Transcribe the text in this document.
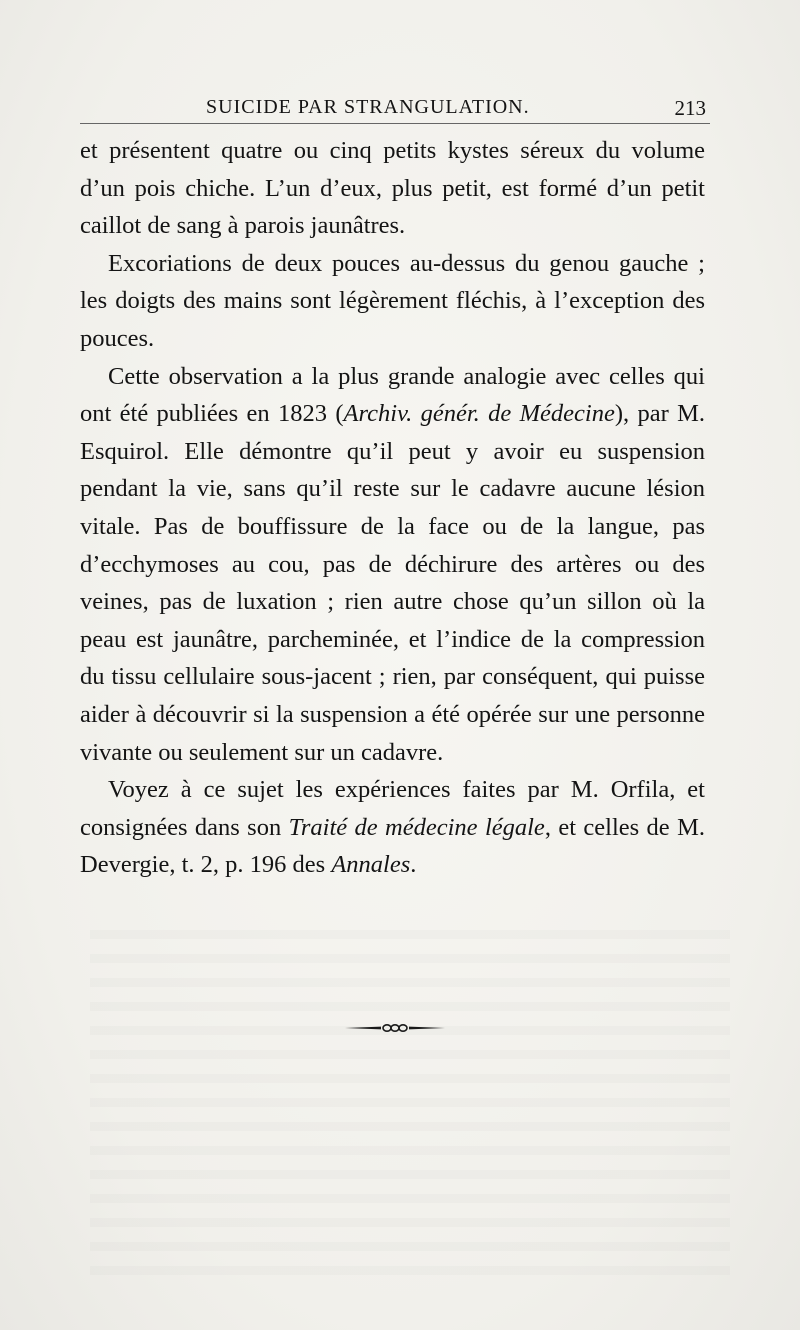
SUICIDE PAR STRANGULATION.	213

et présentent quatre ou cinq petits kystes séreux du volume d’un pois chiche. L’un d’eux, plus petit, est formé d’un petit caillot de sang à parois jaunâtres.

Excoriations de deux pouces au-dessus du genou gauche ; les doigts des mains sont légèrement fléchis, à l’exception des pouces.

Cette observation a la plus grande analogie avec celles qui ont été publiées en 1823 (Archiv. génér. de Médecine), par M. Esquirol. Elle démontre qu’il peut y avoir eu suspension pendant la vie, sans qu’il reste sur le cadavre aucune lésion vitale. Pas de bouffissure de la face ou de la langue, pas d’ecchymoses au cou, pas de déchirure des artères ou des veines, pas de luxation ; rien autre chose qu’un sillon où la peau est jaunâtre, parcheminée, et l’indice de la compression du tissu cellulaire sous-jacent ; rien, par conséquent, qui puisse aider à découvrir si la suspension a été opérée sur une personne vivante ou seulement sur un cadavre.

Voyez à ce sujet les expériences faites par M. Orfila, et consignées dans son Traité de médecine légale, et celles de M. Devergie, t. 2, p. 196 des Annales.
